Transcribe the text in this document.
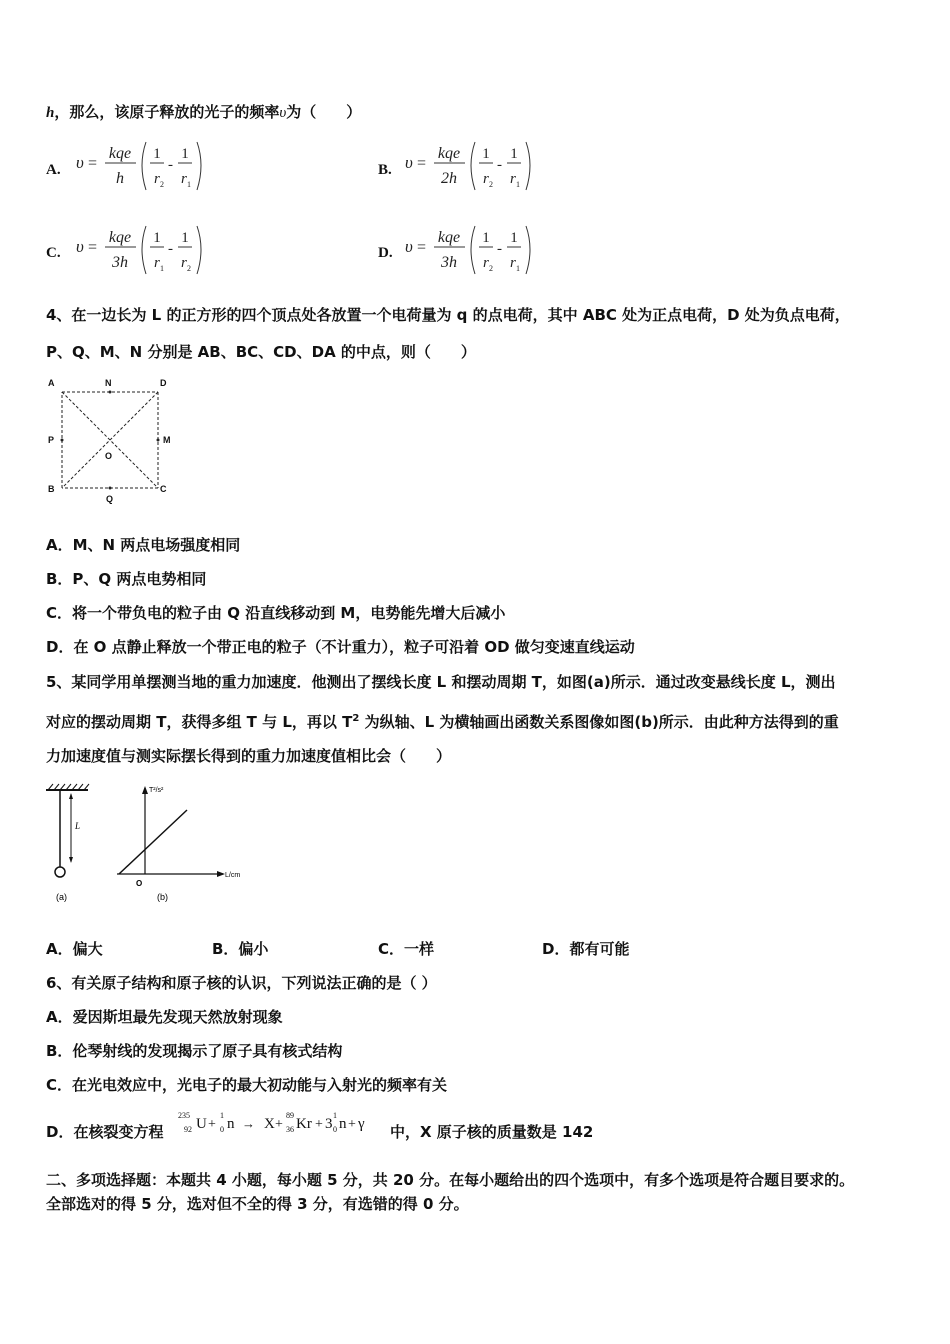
h，那么，该原子释放的光子的频率υ为（　　）
A. υ =
kqe
h
1
r 2
-
1
r 1
B. υ =
kqe
2h
1
r 2
-
1
r 1
C. υ =
kqe
3h
1
r 1
-
1
r 2
D. υ =
kqe
3h
1
r 2
-
1
r 1
4、在一边长为 L 的正方形的四个顶点处各放置一个电荷量为 q 的点电荷，其中 ABC 处为正点电荷，D 处为负点电荷，
P、Q、M、N 分别是 AB、BC、CD、DA 的中点，则（　　）
A	N	D
P
O
M
B
Q
C
A．M、N 两点电场强度相同
B．P、Q 两点电势相同
C．将一个带负电的粒子由 Q 沿直线移动到 M，电势能先增大后减小
D．在 O 点静止释放一个带正电的粒子（不计重力），粒子可沿着 OD 做匀变速直线运动
5、某同学用单摆测当地的重力加速度．他测出了摆线长度 L 和摆动周期 T，如图(a)所示．通过改变悬线长度 L，测出
对应的摆动周期 T，获得多组 T 与 L，再以 $T^2$ 为纵轴、L 为横轴画出函数关系图像如图(b)所示．由此种方法得到的重
力加速度值与测实际摆长得到的重力加速度值相比会（　　）
L
(a)
T²/s²
L/cm
O
(b)
A．偏大	B．偏小	C．一样	D．都有可能
6、有关原子结构和原子核的认识，下列说法正确的是（ ）
A．爱因斯坦最先发现天然放射现象
B．伦琴射线的发现揭示了原子具有核式结构
C．在光电效应中，光电子的最大初动能与入射光的频率有关
D．在核裂变方程
235
92 U +
1
0 n → X +
89
36 Kr + 3
1
0 n + γ 中，X 原子核的质量数是 142
二、多项选择题：本题共 4 小题，每小题 5 分，共 20 分。在每小题给出的四个选项中，有多个选项是符合题目要求的。
全部选对的得 5 分，选对但不全的得 3 分，有选错的得 0 分。
